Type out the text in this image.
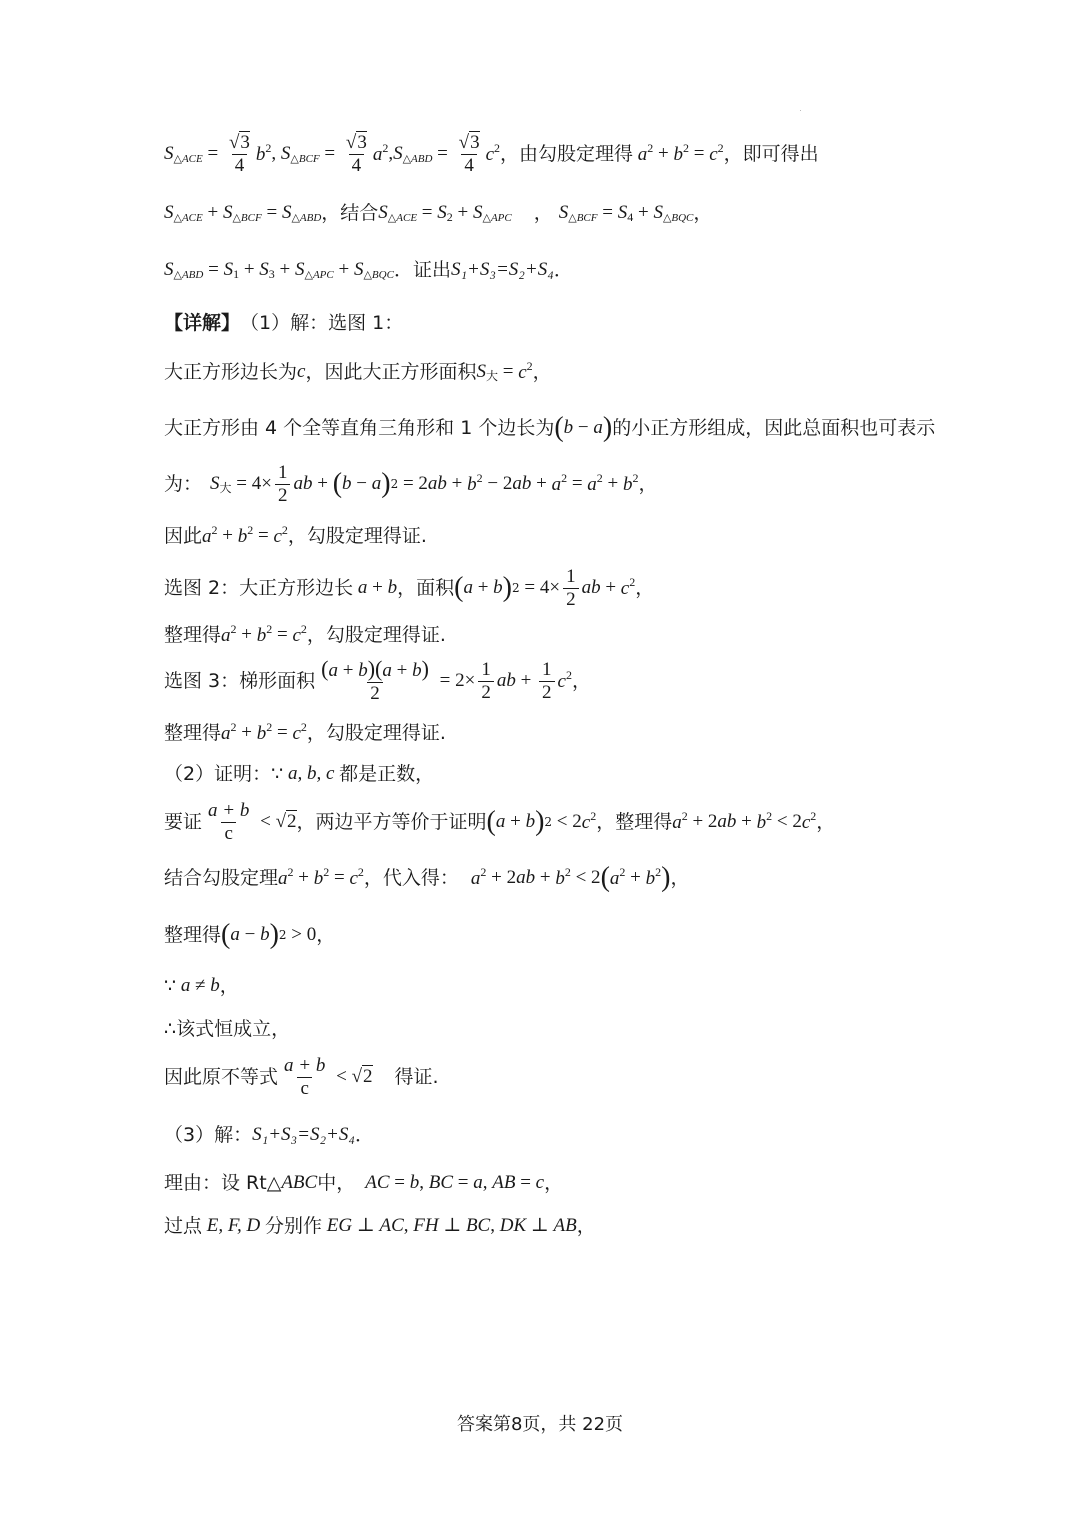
$S_{\triangle ACE} = \frac{√3}{4} b^2$ , $S_{\triangle BCF} = \frac{√3}{4} a^2$ , $S_{\triangle ABD} = \frac{√3}{4} c^2$ ， 由勾股定理得 $a^2 + b^2 = c^2$ ，即可得出
$S_{\triangle ACE} + S_{\triangle BCF} = S_{\triangle ABD}$ ，结合 $S_{\triangle ACE} = S_2 + S_{\triangle APC}$ ， $S_{\triangle BCF} = S_4 + S_{\triangle BQC}$ ，
$S_{\triangle ABD} = S_1 + S_3 + S_{\triangle APC} + S_{\triangle BQC}$ ．证出 S₁+S₃=S₂+S₄ ．
【详解】 （1）解：选图 1：
大正方形边长为 c ，因此大正方形面积 $S_大 = c^2$ ，
大正方形由 4 个全等直角三角形和 1 个边长为 ( b − a ) 的小正方形组成，因此总面积也可表示
为： $S_大 = 4\times \frac{1}{2}$ ab + ( b − a ) 2 = 2 ab + $b^2 - 2$ ab + $a^2 = a^2 + b^2$ ，
因此 $a^2 + b^2 = c^2$ ，勾股定理得证.
选图 2：大正方形边长 a + b ，面积 ( a + b ) $2 = 4\times \frac{1}{2}$ ab + $c^2$ ，
整理得 $a^2 + b^2 = c^2$ ，勾股定理得证.
选图 3：梯形面积 $\frac{(a + b)(a + b)}{2} = 2\times \frac{1}{2}$ ab + $\frac{1}{2} c^2$ ，
整理得 $a^2 + b^2 = c^2$ ，勾股定理得证.
（2）证明：∵ a, b, c 都是正数，
要证 $\frac{a + b}{c} < √2$ ，两边平方等价于证明 ( a + b ) 2 < 2 $c^2$ ，整理得 $a^2 + 2$ ab + $b^2 < 2$ $c^2$ ，
结合勾股定理 $a^2 + b^2 = c^2$ ，代入得： $a^2 + 2$ ab + $b^2 < 2$ ( $a^2 + b^2$ ) ，
整理得 ( a − b ) 2 > 0 ，
∵ a ≠ b ，
∴该式恒成立，
因此原不等式 $\frac{a + b}{c} < √2$ 得证.
（3）解： S₁+S₃=S₂+S₄ ．
理由：设 Rt△ ABC 中， AC = b , BC = a , AB = c ，
过点 E, F, D 分别作 EG ⊥ AC , FH ⊥ BC , DK ⊥ AB ，
答案第8页，共 22页
